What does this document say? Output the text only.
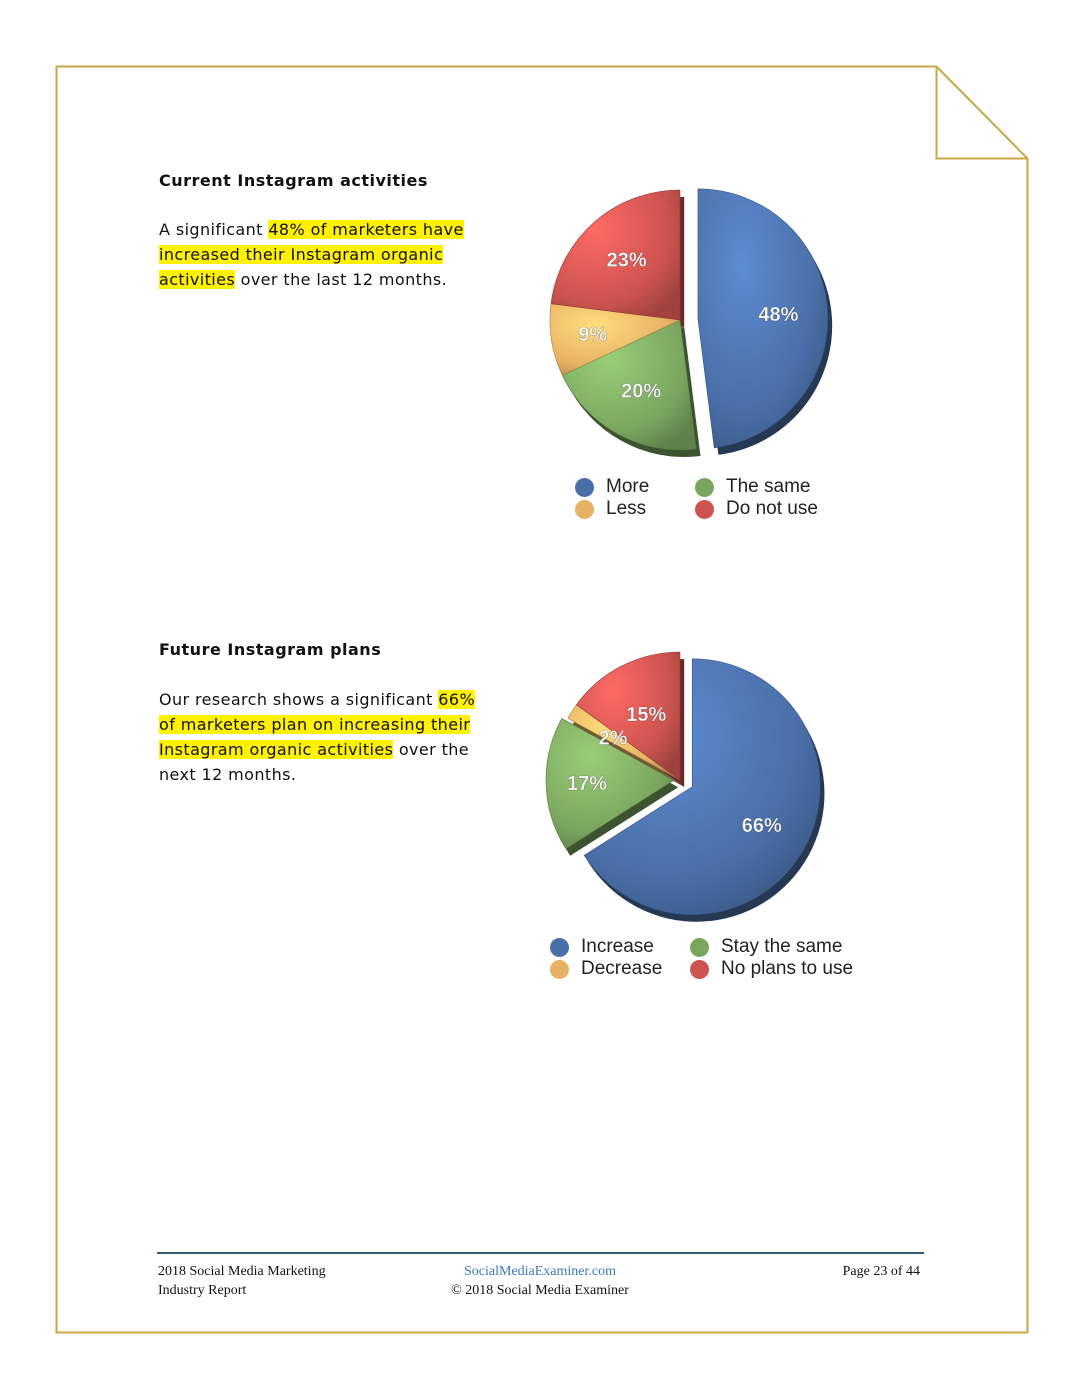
Current Instagram activities
A significant 48% of marketers have increased their Instagram organic activities over the last 12 months.
48%
20%
9%
23%
More	The same
Less	Do not use
Future Instagram plans
Our research shows a significant 66% of marketers plan on increasing their Instagram organic activities over the next 12 months.
66%
17%
2%
15%
Increase	Stay the same
Decrease	No plans to use
2018 Social Media Marketing
Industry Report
SocialMediaExaminer.com
© 2018 Social Media Examiner
Page 23 of 44
